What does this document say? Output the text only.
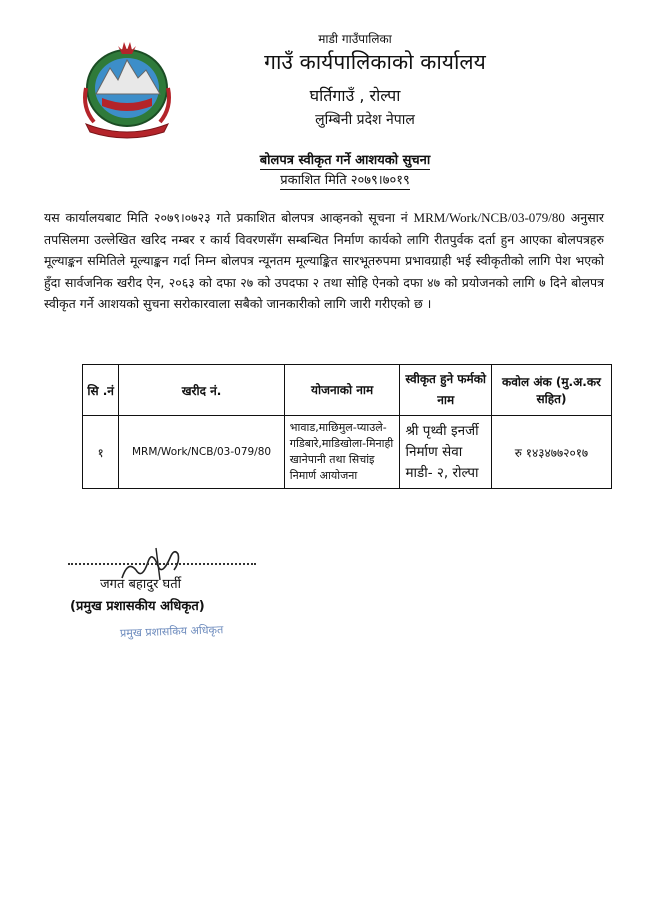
माडी गाउँपालिका
गाउँ कार्यपालिकाको कार्यालय
घर्तिगाउँ , रोल्पा
लुम्बिनी प्रदेश नेपाल
बोलपत्र स्वीकृत गर्ने आशयको सुचना
प्रकाशित मिति २०७९।७०१९
यस कार्यालयबाट मिति २०७९।०७२३ गते प्रकाशित बोलपत्र आव्हनको सूचना नं MRM/Work/NCB/03-079/80 अनुसार तपसिलमा उल्लेखित खरिद नम्बर र कार्य विवरणसँग सम्बन्धित निर्माण कार्यको लागि रीतपुर्वक दर्ता हुन आएका बोलपत्रहरु मूल्याङ्कन समितिले मूल्याङ्कन गर्दा निम्न बोलपत्र न्यूनतम मूल्याङ्कित सारभूतरुपमा प्रभावग्राही भई स्वीकृतीको लागि पेश भएको हुँदा सार्वजनिक खरीद ऐन, २०६३ को दफा २७ को उपदफा २ तथा सोहि ऐनको दफा ४७ को प्रयोजनको लागि ७ दिने बोलपत्र स्वीकृत गर्ने आशयको सुचना सरोकारवाला सबैको जानकारीको लागि जारी गरीएको छ ।
सि .नं	खरीद नं.	योजनाको नाम	स्वीकृत हुने फर्मको नाम	कवोल अंक (मु.अ.कर सहित)
१	MRM/Work/NCB/03-079/80	भावाड,माछिमुल-प्याउले-गडिबारे,माडिखोला-मिनाही खानेपानी तथा सिचांइ निमार्ण आयोजना	श्री पृथ्वी इनर्जी निर्माण सेवा माडी- २, रोल्पा	रु १४३४७७२०१७
जगत बहादुर घर्ती
(प्रमुख प्रशासकीय अधिकृत)
प्रमुख प्रशासकिय अधिकृत
